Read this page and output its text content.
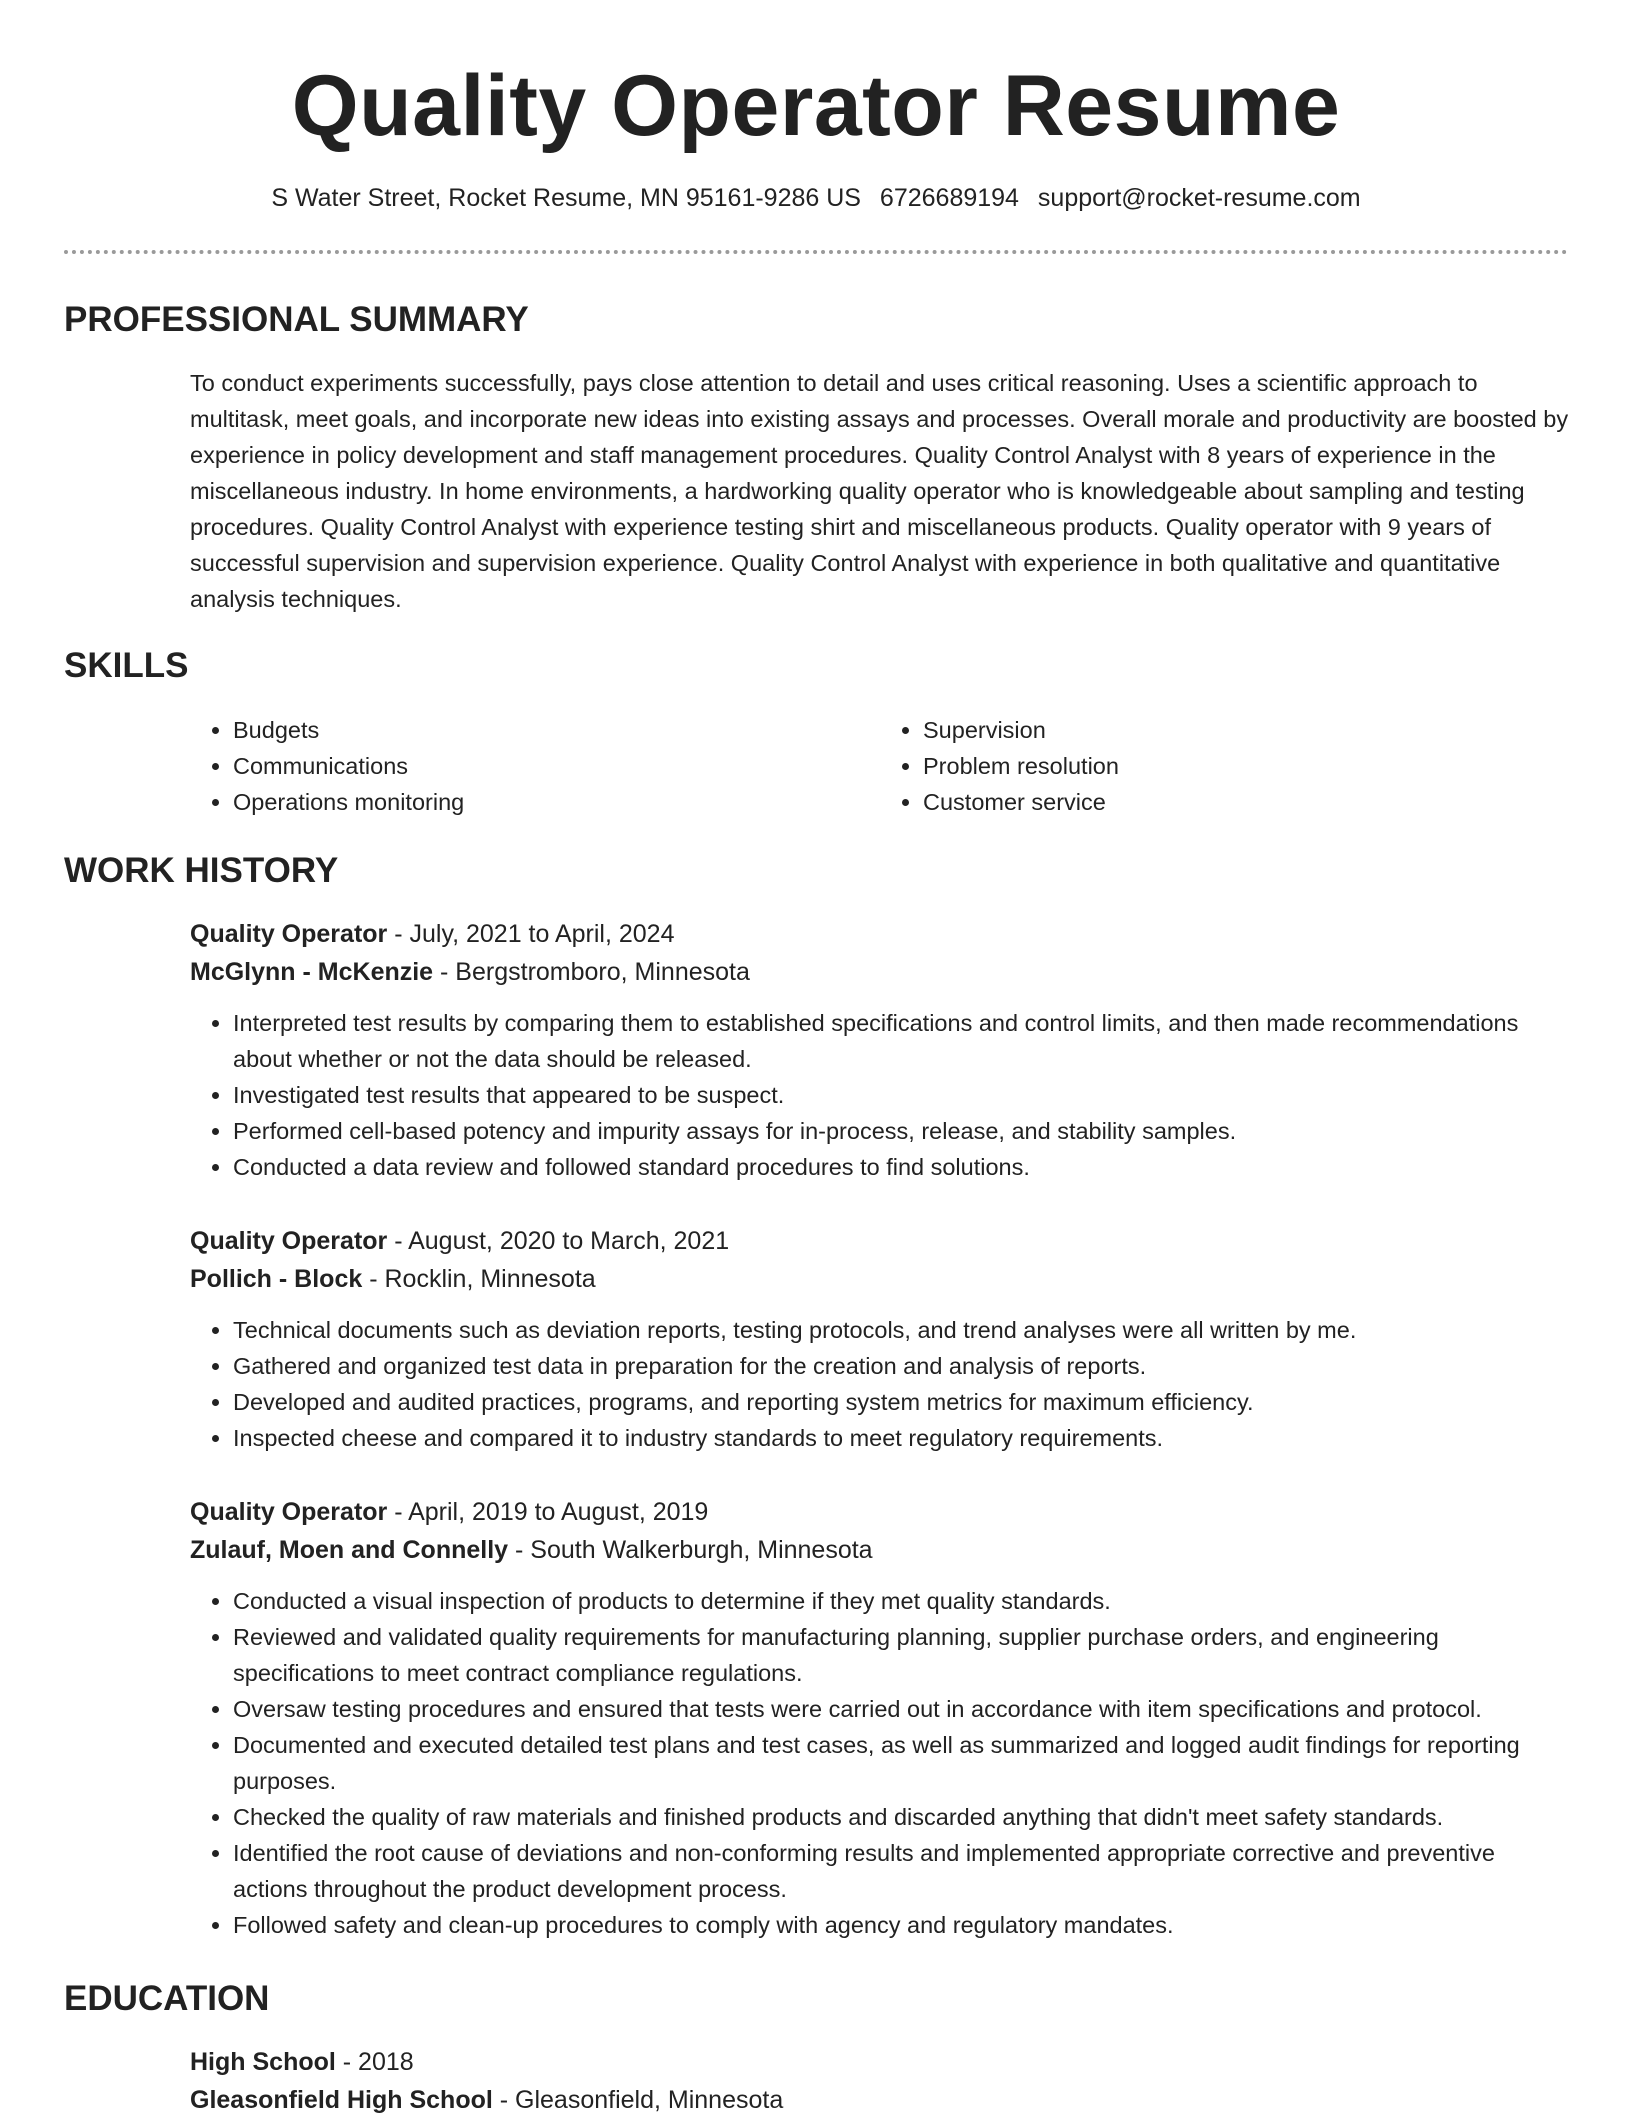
Quality Operator Resume
S Water Street, Rocket Resume, MN 95161-9286 US 6726689194 support@rocket-resume.com
PROFESSIONAL SUMMARY

To conduct experiments successfully, pays close attention to detail and uses critical reasoning. Uses a scientific approach to multitask, meet goals, and incorporate new ideas into existing assays and processes. Overall morale and productivity are boosted by experience in policy development and staff management procedures. Quality Control Analyst with 8 years of experience in the miscellaneous industry. In home environments, a hardworking quality operator who is knowledgeable about sampling and testing procedures. Quality Control Analyst with experience testing shirt and miscellaneous products. Quality operator with 9 years of successful supervision and supervision experience. Quality Control Analyst with experience in both qualitative and quantitative analysis techniques.

SKILLS
• Budgets
• Communications
• Operations monitoring
• Supervision
• Problem resolution
• Customer service
WORK HISTORY

Quality Operator - July, 2021 to April, 2024

McGlynn - McKenzie - Bergstromboro, Minnesota

• Interpreted test results by comparing them to established specifications and control limits, and then made recommendations about whether or not the data should be released.
• Investigated test results that appeared to be suspect.
• Performed cell-based potency and impurity assays for in-process, release, and stability samples.
• Conducted a data review and followed standard procedures to find solutions.

Quality Operator - August, 2020 to March, 2021

Pollich - Block - Rocklin, Minnesota

• Technical documents such as deviation reports, testing protocols, and trend analyses were all written by me.
• Gathered and organized test data in preparation for the creation and analysis of reports.
• Developed and audited practices, programs, and reporting system metrics for maximum efficiency.
• Inspected cheese and compared it to industry standards to meet regulatory requirements.

Quality Operator - April, 2019 to August, 2019

Zulauf, Moen and Connelly - South Walkerburgh, Minnesota

• Conducted a visual inspection of products to determine if they met quality standards.
• Reviewed and validated quality requirements for manufacturing planning, supplier purchase orders, and engineering specifications to meet contract compliance regulations.
• Oversaw testing procedures and ensured that tests were carried out in accordance with item specifications and protocol.
• Documented and executed detailed test plans and test cases, as well as summarized and logged audit findings for reporting purposes.
• Checked the quality of raw materials and finished products and discarded anything that didn't meet safety standards.
• Identified the root cause of deviations and non-conforming results and implemented appropriate corrective and preventive actions throughout the product development process.
• Followed safety and clean-up procedures to comply with agency and regulatory mandates.
EDUCATION

High School - 2018

Gleasonfield High School - Gleasonfield, Minnesota
